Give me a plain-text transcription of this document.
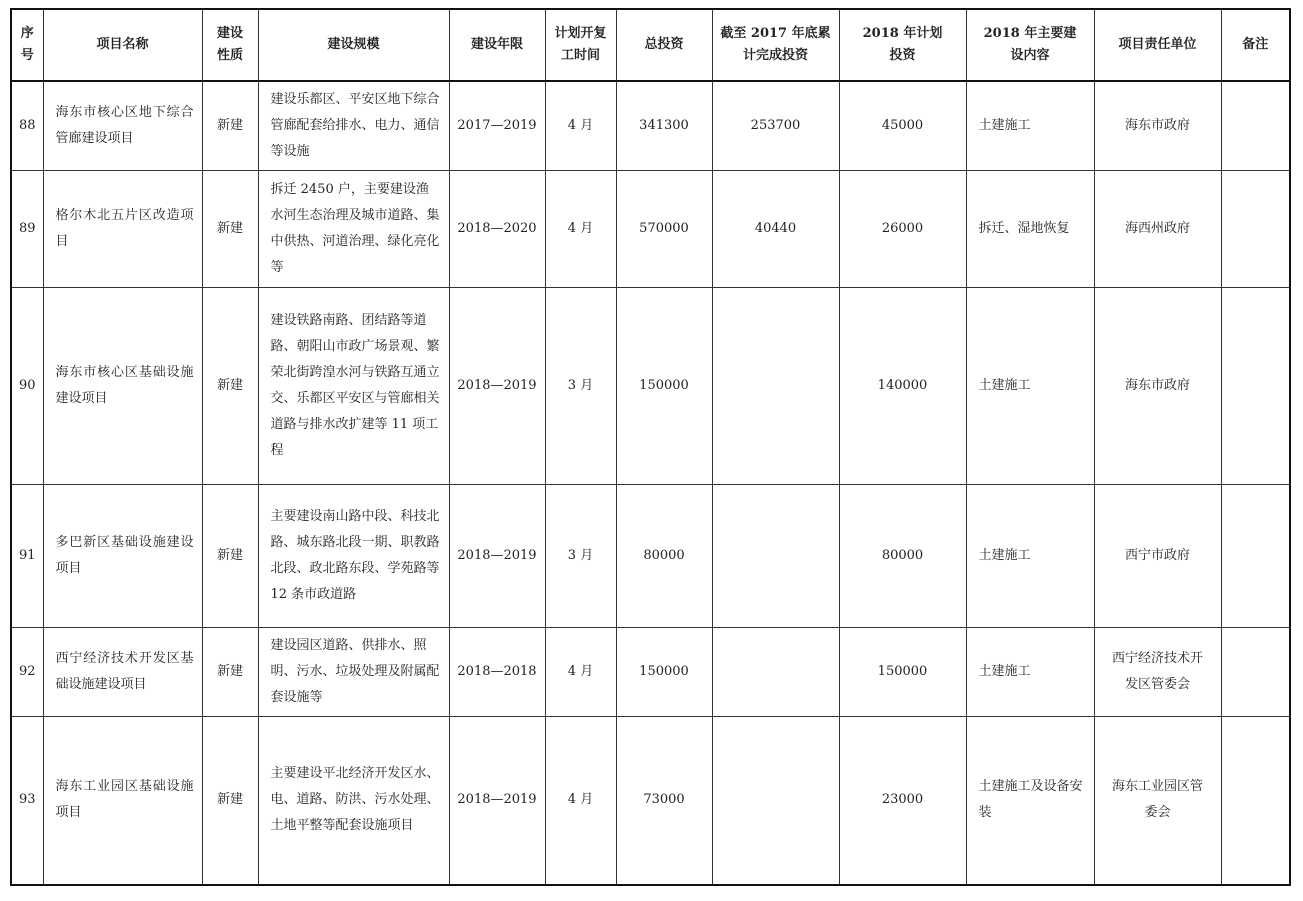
序号	项目名称	建设性质	建设规模	建设年限	计划开复工时间	总投资	截至 2017 年底累计完成投资	2018 年计划投资	2018 年主要建设内容	项目责任单位	备注
88	海东市核心区地下综合管廊建设项目	新建	建设乐都区、平安区地下综合管廊配套给排水、电力、通信等设施	2017—2019	4 月	341300	253700	45000	土建施工	海东市政府	
89	格尔木北五片区改造项目	新建	拆迁 2450 户，主要建设渔水河生态治理及城市道路、集中供热、河道治理、绿化亮化等	2018—2020	4 月	570000	40440	26000	拆迁、湿地恢复	海西州政府	
90	海东市核心区基础设施建设项目	新建	建设铁路南路、团结路等道路、朝阳山市政广场景观、繁荣北街跨湟水河与铁路互通立交、乐都区平安区与管廊相关道路与排水改扩建等 11 项工程	2018—2019	3 月	150000		140000	土建施工	海东市政府	
91	多巴新区基础设施建设项目	新建	主要建设南山路中段、科技北路、城东路北段一期、职教路北段、政北路东段、学苑路等 12 条市政道路	2018—2019	3 月	80000		80000	土建施工	西宁市政府	
92	西宁经济技术开发区基础设施建设项目	新建	建设园区道路、供排水、照明、污水、垃圾处理及附属配套设施等	2018—2018	4 月	150000		150000	土建施工	西宁经济技术开发区管委会	
93	海东工业园区基础设施项目	新建	主要建设平北经济开发区水、电、道路、防洪、污水处理、土地平整等配套设施项目	2018—2019	4 月	73000		23000	土建施工及设备安装	海东工业园区管委会	
